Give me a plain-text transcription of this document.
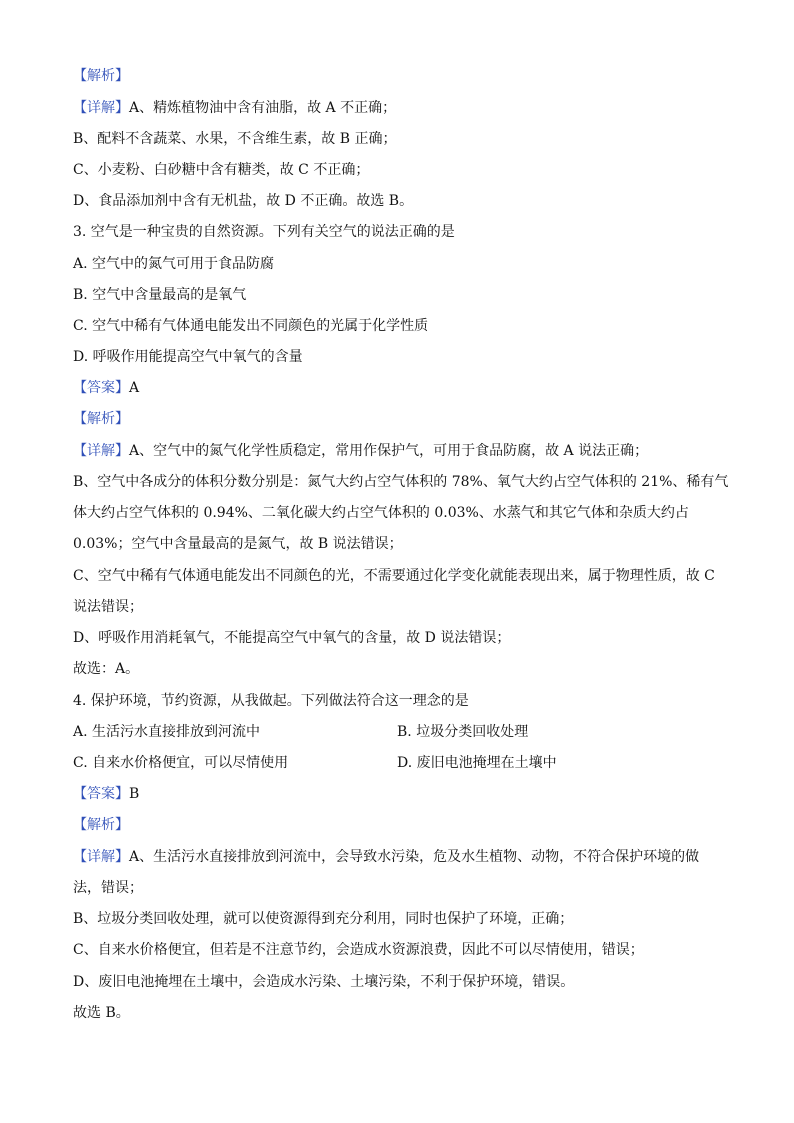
【解析】
【详解】A、精炼植物油中含有油脂，故 A 不正确；
B、配料不含蔬菜、水果，不含维生素，故 B 正确；
C、小麦粉、白砂糖中含有糖类，故 C 不正确；
D、食品添加剂中含有无机盐，故 D 不正确。故选 B。
3. 空气是一种宝贵的自然资源。下列有关空气的说法正确的是
A. 空气中的氮气可用于食品防腐
B. 空气中含量最高的是氧气
C. 空气中稀有气体通电能发出不同颜色的光属于化学性质
D. 呼吸作用能提高空气中氧气的含量
【答案】A
【解析】
【详解】A、空气中的氮气化学性质稳定，常用作保护气，可用于食品防腐，故 A 说法正确；
B、空气中各成分的体积分数分别是：氮气大约占空气体积的 78%、氧气大约占空气体积的 21%、稀有气
体大约占空气体积的 0.94%、二氧化碳大约占空气体积的 0.03%、水蒸气和其它气体和杂质大约占
0.03%；空气中含量最高的是氮气，故 B 说法错误；
C、空气中稀有气体通电能发出不同颜色的光，不需要通过化学变化就能表现出来，属于物理性质，故 C
说法错误；
D、呼吸作用消耗氧气，不能提高空气中氧气的含量，故 D 说法错误；
故选：A。
4. 保护环境，节约资源，从我做起。下列做法符合这一理念的是
A. 生活污水直接排放到河流中	B. 垃圾分类回收处理
C. 自来水价格便宜，可以尽情使用	D. 废旧电池掩埋在土壤中
【答案】B
【解析】
【详解】A、生活污水直接排放到河流中，会导致水污染，危及水生植物、动物，不符合保护环境的做
法，错误；
B、垃圾分类回收处理，就可以使资源得到充分利用，同时也保护了环境，正确；
C、自来水价格便宜，但若是不注意节约，会造成水资源浪费，因此不可以尽情使用，错误；
D、废旧电池掩埋在土壤中，会造成水污染、土壤污染，不利于保护环境，错误。
故选 B。
